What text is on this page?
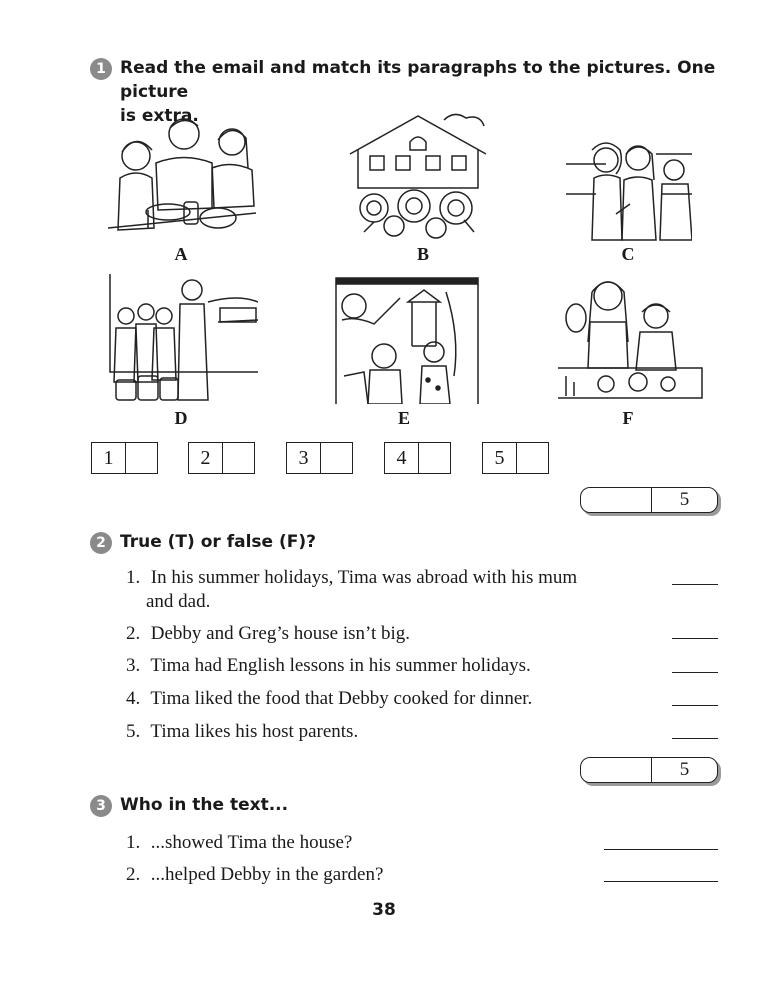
1 Read the email and match its paragraphs to the pictures. One picture
is extra.
A	B	C
D	E	F
1	2	3	4	5
5
2 True (T) or false (F)?
1. In his summer holidays, Tima was abroad with his mum
and dad.
2. Debby and Greg’s house isn’t big.
3. Tima had English lessons in his summer holidays.
4. Tima liked the food that Debby cooked for dinner.
5. Tima likes his host parents.
5
3 Who in the text...
1. ...showed Tima the house?
2. ...helped Debby in the garden?
38
